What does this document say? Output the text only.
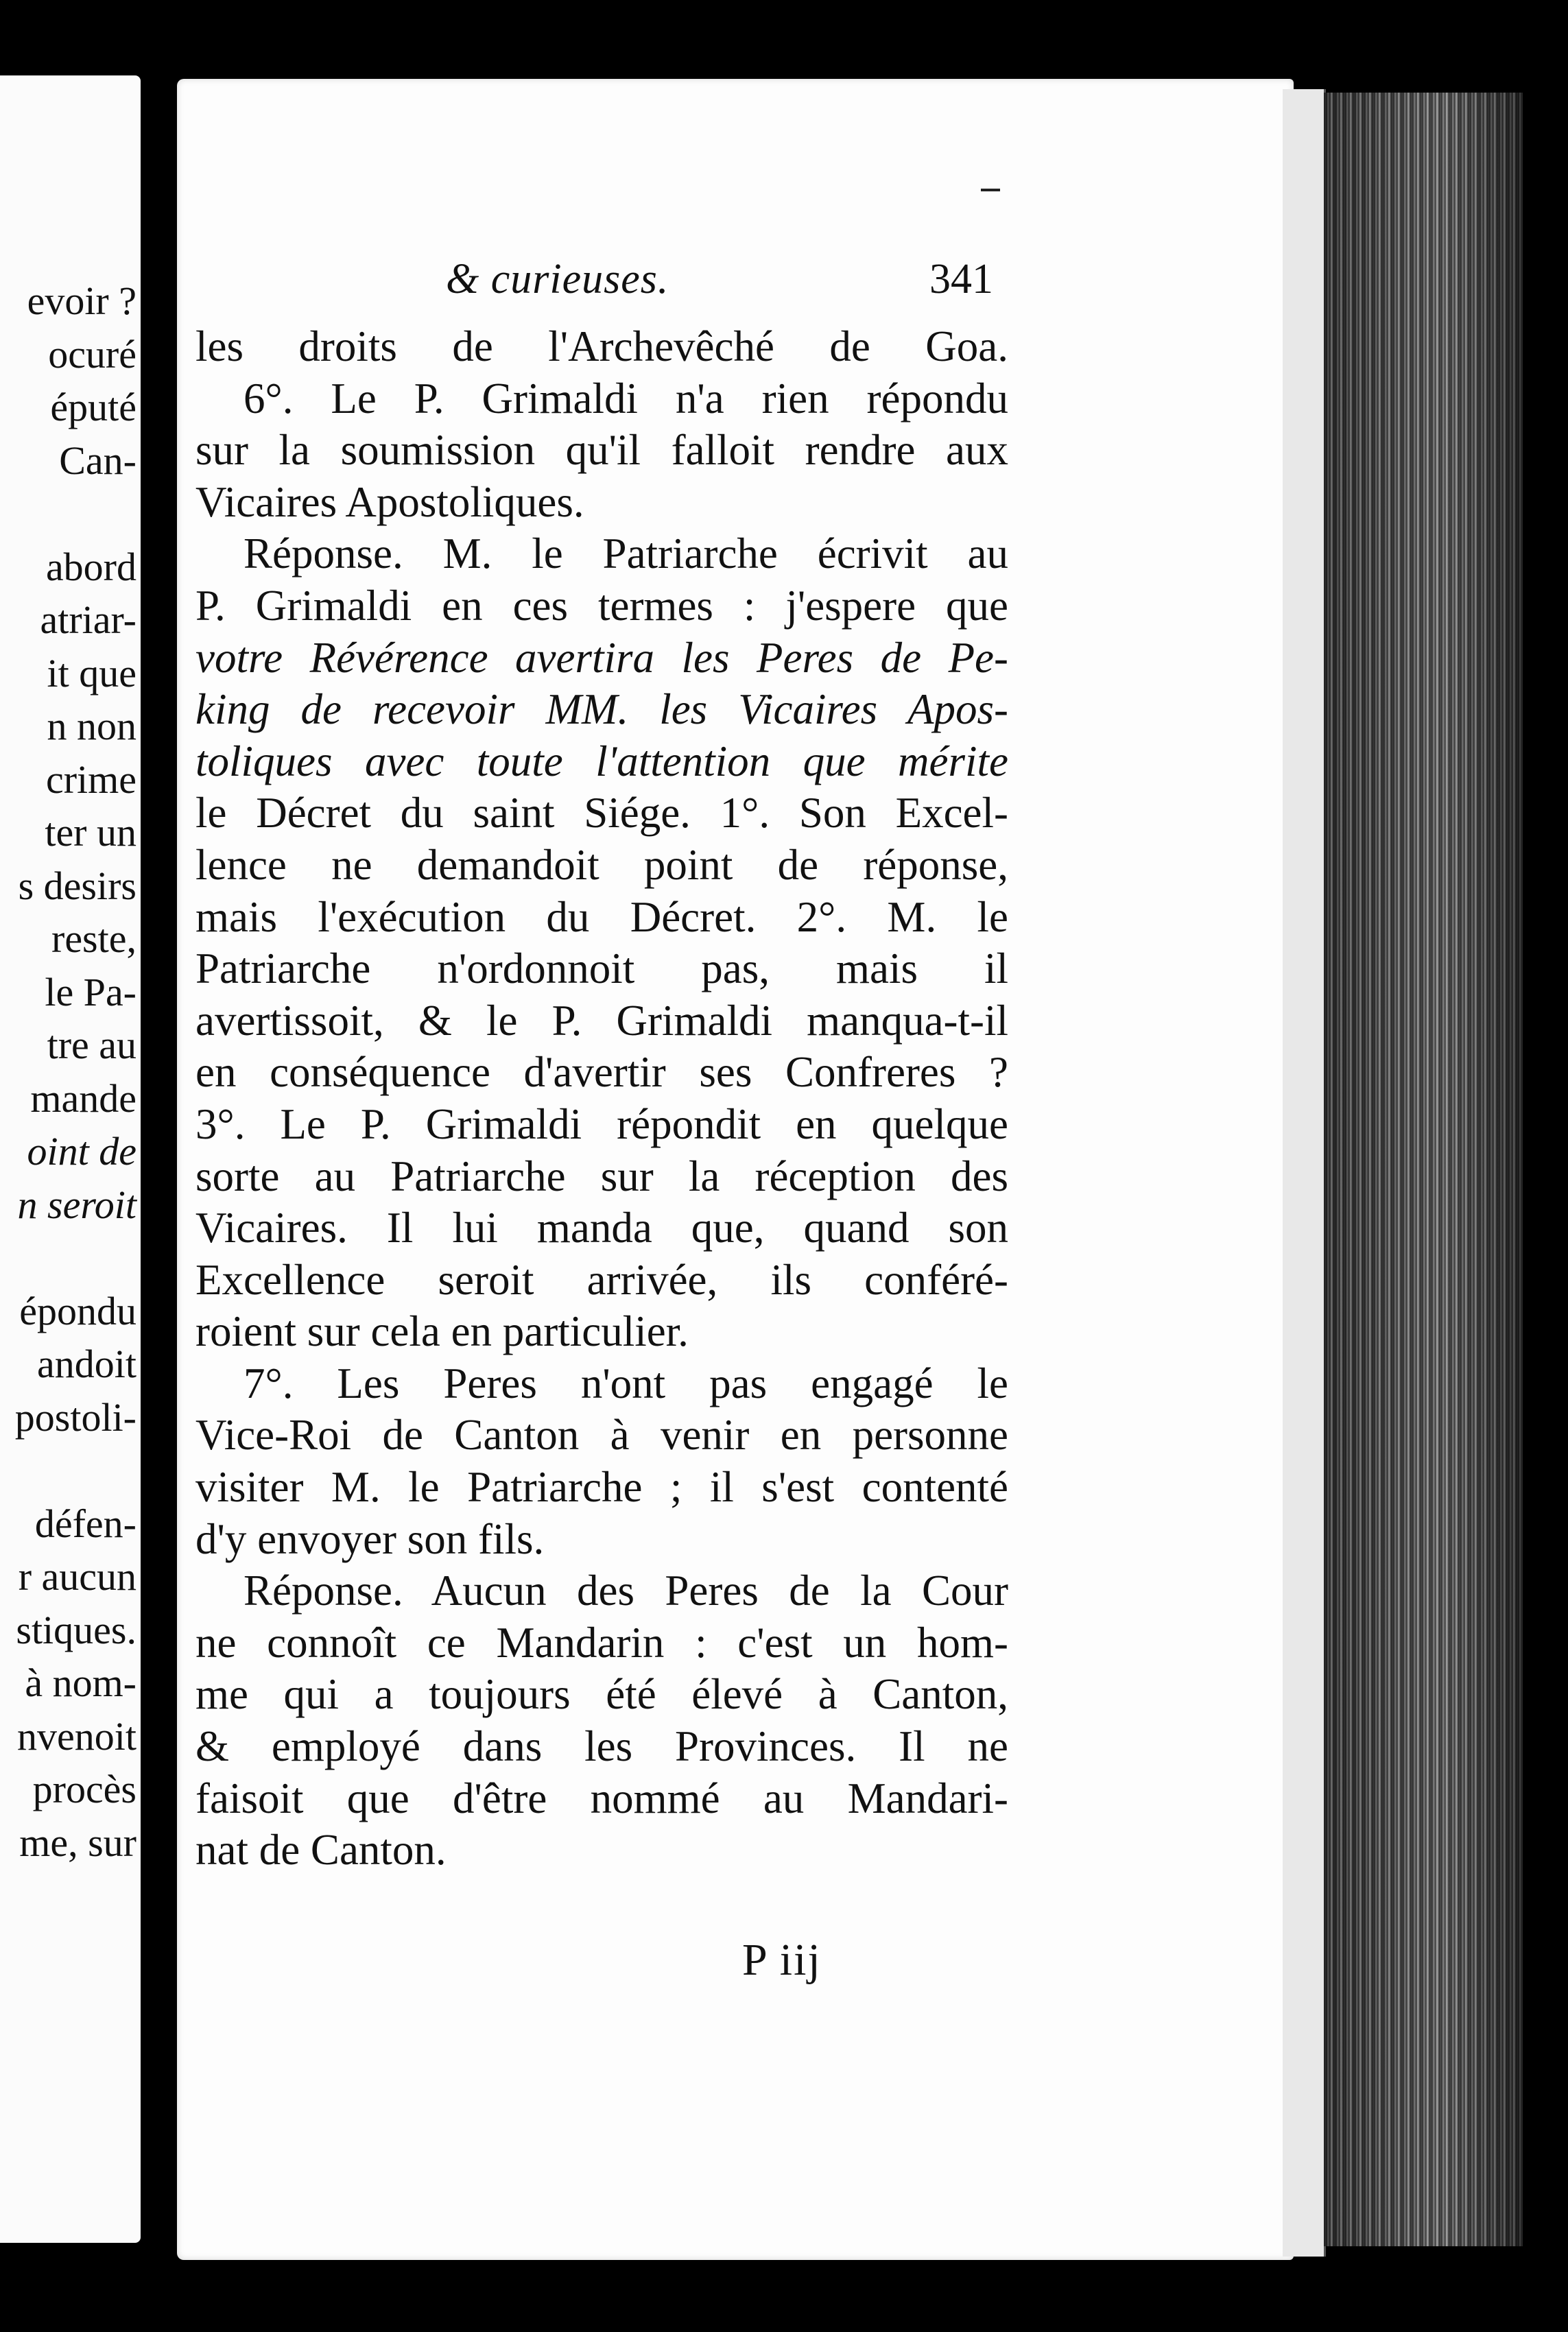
evoir ?
ocuré
éputé
Can-
abord
atriar-
it que
n non
crime
ter un
s desirs
reste,
le Pa-
tre au
mande
oint de
n seroit
épondu
andoit
postoli-
défen-
r aucun
stiques.
à nom-
nvenoit
procès
me, sur
& curieuses.	341
les droits de l'Archevêché de Goa.
6°. Le P. Grimaldi n'a rien répondu
sur la soumission qu'il falloit rendre aux
Vicaires Apostoliques.
Réponse. M. le Patriarche écrivit au
P. Grimaldi en ces termes : j'espere que
votre Révérence avertira les Peres de Pe-
king de recevoir MM. les Vicaires Apos-
toliques avec toute l'attention que mérite
le Décret du saint Siége. 1°. Son Excel-
lence ne demandoit point de réponse,
mais l'exécution du Décret. 2°. M. le
Patriarche n'ordonnoit pas, mais il
avertissoit, & le P. Grimaldi manqua-t-il
en conséquence d'avertir ses Confreres ?
3°. Le P. Grimaldi répondit en quelque
sorte au Patriarche sur la réception des
Vicaires. Il lui manda que, quand son
Excellence seroit arrivée, ils conféré-
roient sur cela en particulier.
7°. Les Peres n'ont pas engagé le
Vice-Roi de Canton à venir en personne
visiter M. le Patriarche ; il s'est contenté
d'y envoyer son fils.
Réponse. Aucun des Peres de la Cour
ne connoît ce Mandarin : c'est un hom-
me qui a toujours été élevé à Canton,
& employé dans les Provinces. Il ne
faisoit que d'être nommé au Mandari-
nat de Canton.
P iij
